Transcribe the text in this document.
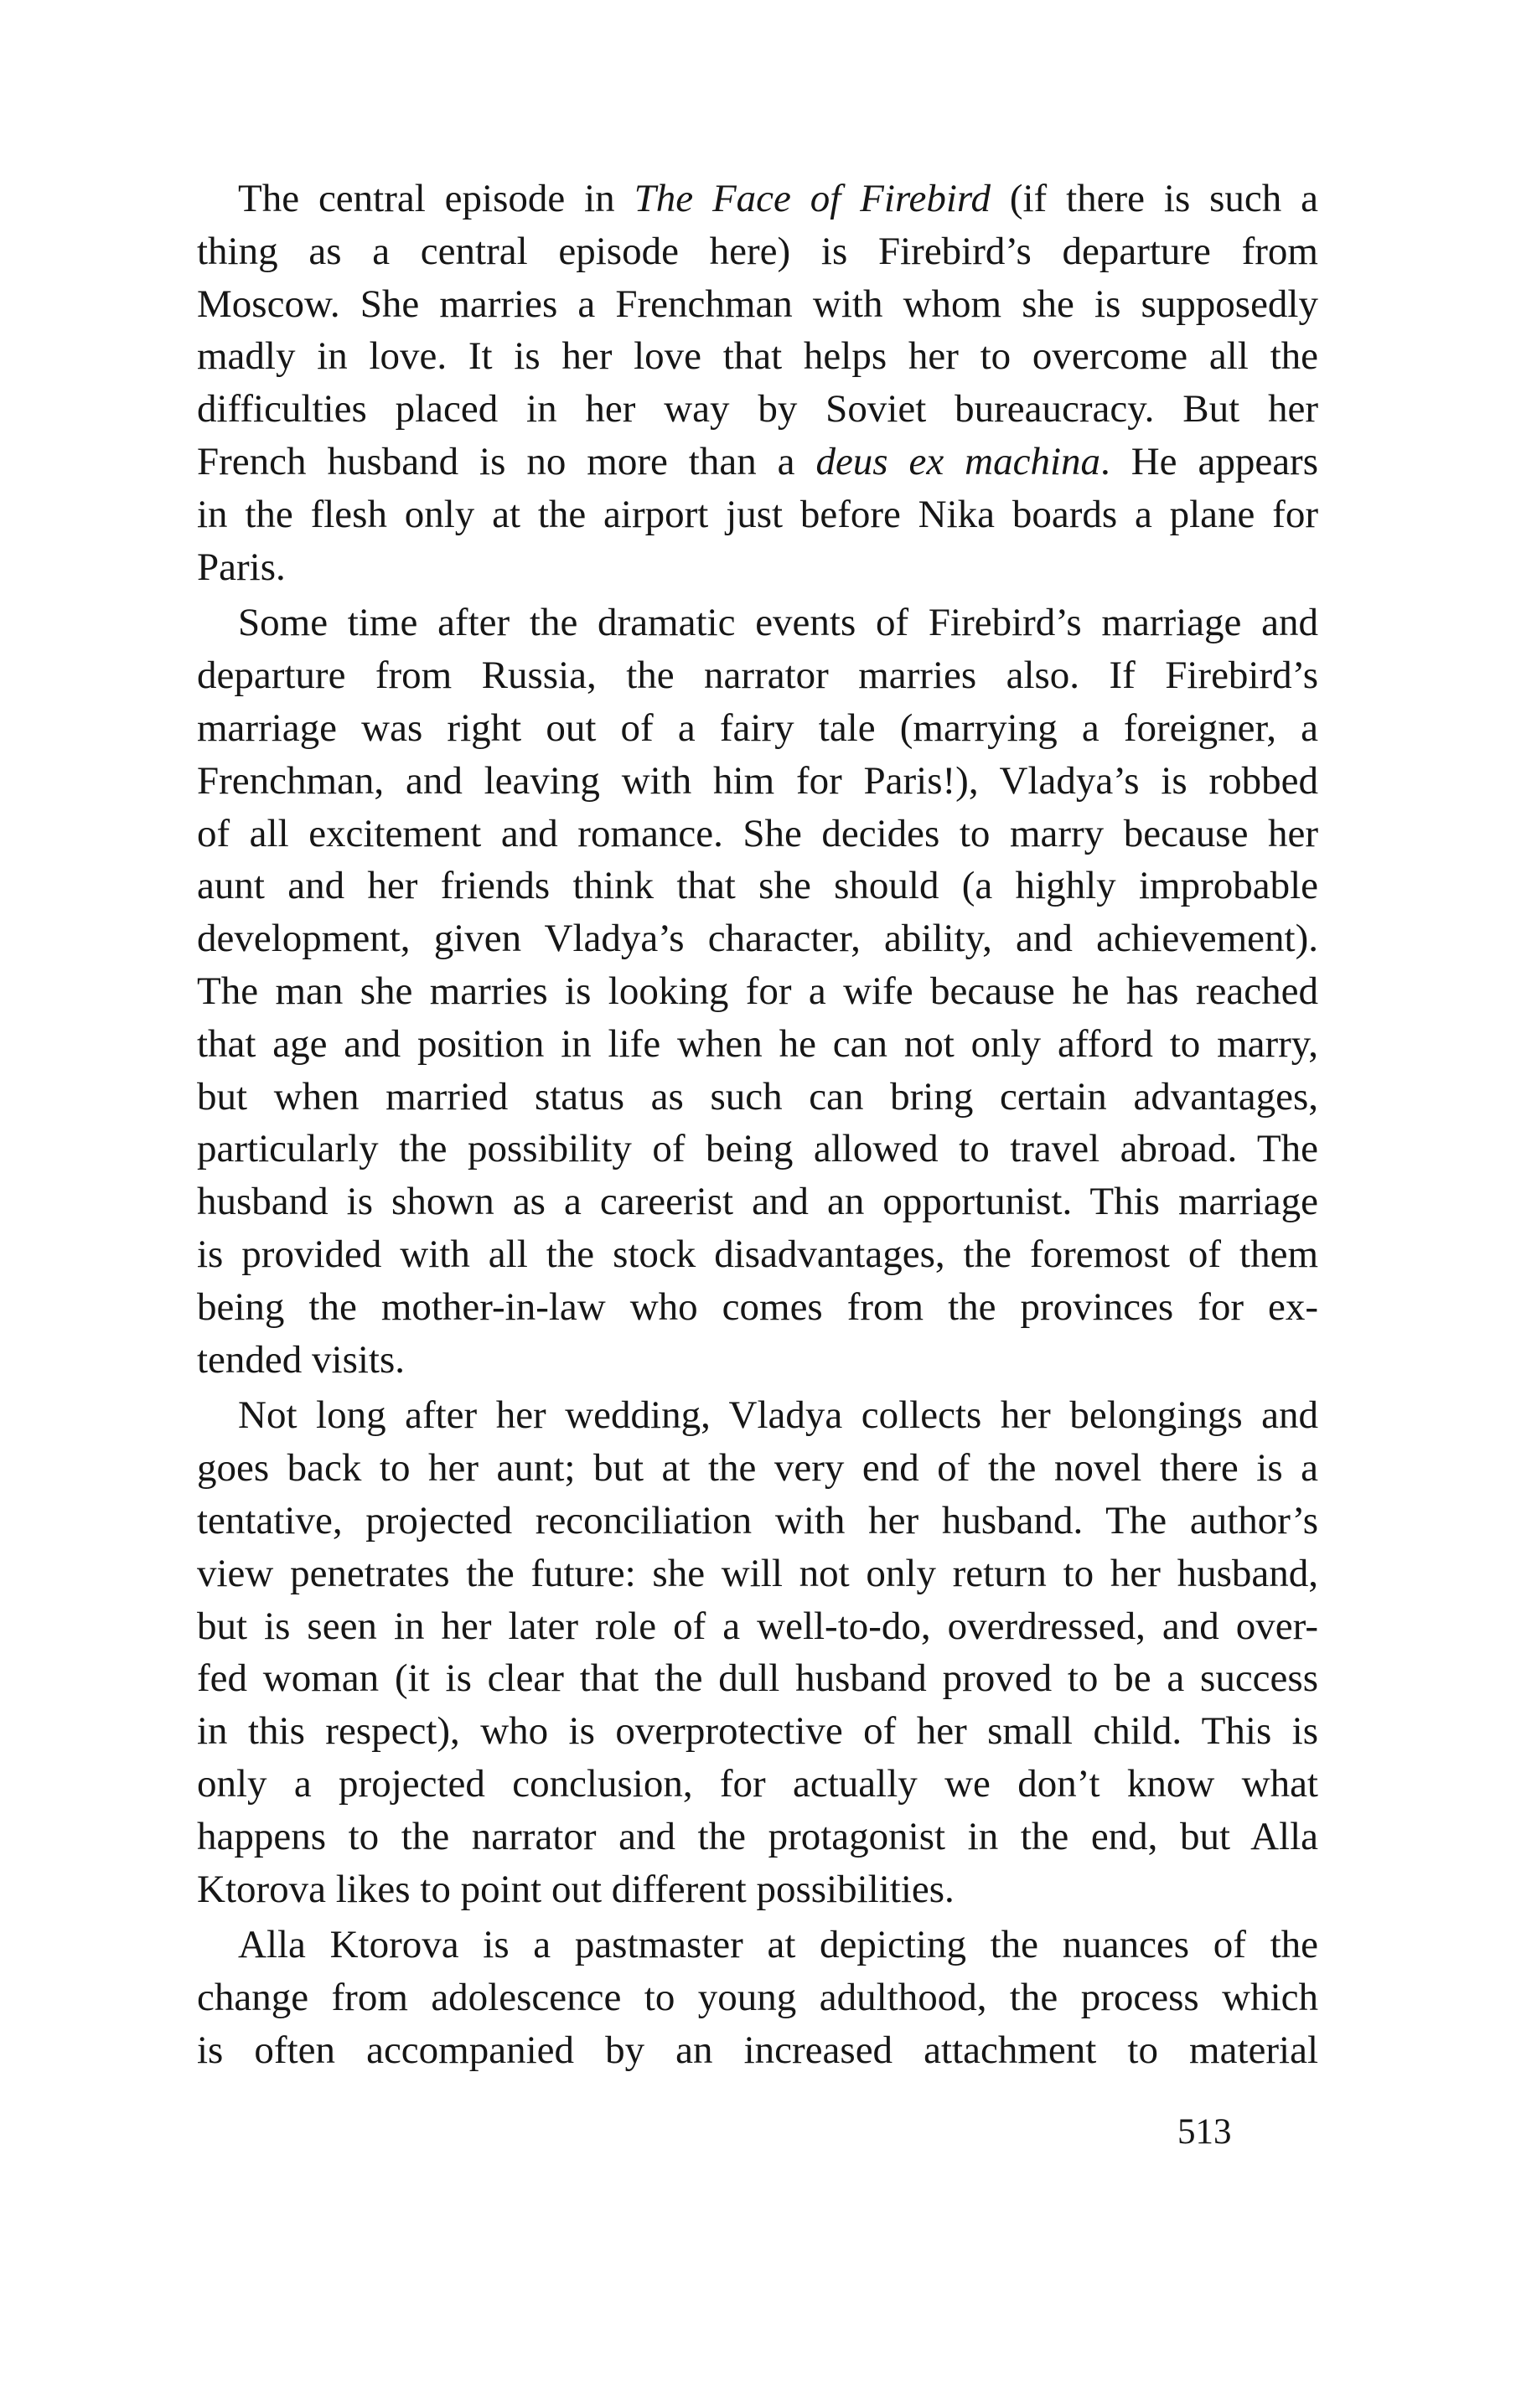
The central episode in The Face of Firebird (if there is such a
thing as a central episode here) is Firebird’s departure from
Moscow. She marries a Frenchman with whom she is supposedly
madly in love. It is her love that helps her to overcome all the
difficulties placed in her way by Soviet bureaucracy. But her
French husband is no more than a deus ex machina. He appears
in the flesh only at the airport just before Nika boards a plane for
Paris.
Some time after the dramatic events of Firebird’s marriage and
departure from Russia, the narrator marries also. If Firebird’s
marriage was right out of a fairy tale (marrying a foreigner, a
Frenchman, and leaving with him for Paris!), Vladya’s is robbed
of all excitement and romance. She decides to marry because her
aunt and her friends think that she should (a highly improbable
development, given Vladya’s character, ability, and achievement).
The man she marries is looking for a wife because he has reached
that age and position in life when he can not only afford to marry,
but when married status as such can bring certain advantages,
particularly the possibility of being allowed to travel abroad. The
husband is shown as a careerist and an opportunist. This marriage
is provided with all the stock disadvantages, the foremost of them
being the mother-in-law who comes from the provinces for ex-
tended visits.
Not long after her wedding, Vladya collects her belongings and
goes back to her aunt; but at the very end of the novel there is a
tentative, projected reconciliation with her husband. The author’s
view penetrates the future: she will not only return to her husband,
but is seen in her later role of a well-to-do, overdressed, and over-
fed woman (it is clear that the dull husband proved to be a success
in this respect), who is overprotective of her small child. This is
only a projected conclusion, for actually we don’t know what
happens to the narrator and the protagonist in the end, but Alla
Ktorova likes to point out different possibilities.
Alla Ktorova is a pastmaster at depicting the nuances of the
change from adolescence to young adulthood, the process which
is often accompanied by an increased attachment to material
513
